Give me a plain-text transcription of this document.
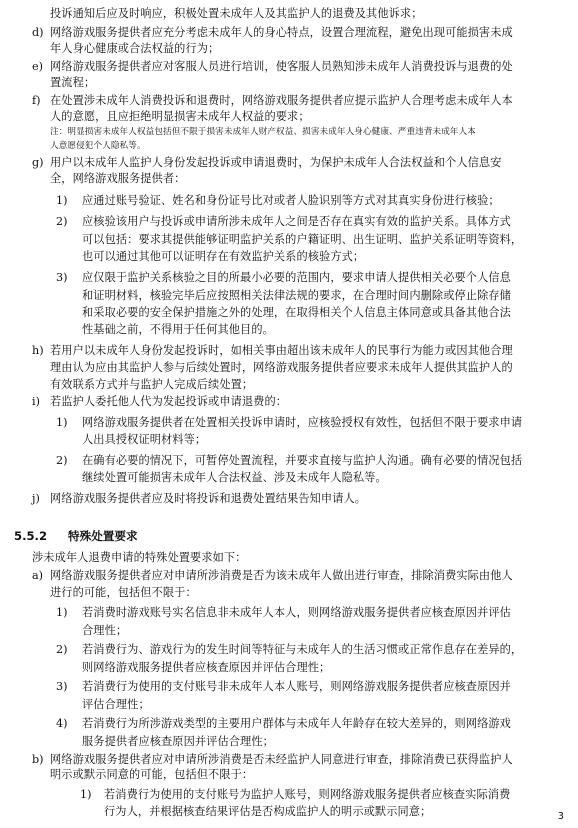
投诉通知后应及时响应，积极处置未成年人及其监护人的退费及其他诉求；
d) 网络游戏服务提供者应充分考虑未成年人的身心特点，设置合理流程，避免出现可能损害未成
年人身心健康或合法权益的行为；
e) 网络游戏服务提供者应对客服人员进行培训，使客服人员熟知涉未成年人消费投诉与退费的处
置流程；
f) 在处置涉未成年人消费投诉和退费时，网络游戏服务提供者应提示监护人合理考虑未成年人本
人的意愿，且应拒绝明显损害未成年人权益的要求；
注：明显损害未成年人权益包括但不限于损害未成年人财产权益、损害未成年人身心健康、严重违背未成年人本
人意愿侵犯个人隐私等。
g) 用户以未成年人监护人身份发起投诉或申请退费时，为保护未成年人合法权益和个人信息安
全，网络游戏服务提供者：
1) 应通过账号验证、姓名和身份证号比对或者人脸识别等方式对其真实身份进行核验；
2) 应核验该用户与投诉或申请所涉未成年人之间是否存在真实有效的监护关系。具体方式
可以包括：要求其提供能够证明监护关系的户籍证明、出生证明、监护关系证明等资料，
也可以通过其他可以证明存在有效监护关系的核验方式；
3) 应仅限于监护关系核验之目的所最小必要的范围内，要求申请人提供相关必要个人信息
和证明材料，核验完毕后应按照相关法律法规的要求，在合理时间内删除或停止除存储
和采取必要的安全保护措施之外的处理，在取得相关个人信息主体同意或具备其他合法
性基础之前，不得用于任何其他目的。
h) 若用户以未成年人身份发起投诉时，如相关事由超出该未成年人的民事行为能力或因其他合理
理由认为应由其监护人参与后续处置时，网络游戏服务提供者应要求未成年人提供其监护人的
有效联系方式并与监护人完成后续处置；
i) 若监护人委托他人代为发起投诉或申请退费的：
1) 网络游戏服务提供者在处置相关投诉申请时，应核验授权有效性，包括但不限于要求申请
人出具授权证明材料等；
2) 在确有必要的情况下，可暂停处置流程，并要求直接与监护人沟通。确有必要的情况包括
继续处置可能损害未成年人合法权益、涉及未成年人隐私等。
j) 网络游戏服务提供者应及时将投诉和退费处置结果告知申请人。
5.5.2 特殊处置要求
涉未成年人退费申请的特殊处置要求如下：
a) 网络游戏服务提供者应对申请所涉消费是否为该未成年人做出进行审查，排除消费实际由他人
进行的可能，包括但不限于：
1) 若消费时游戏账号实名信息非未成年人本人，则网络游戏服务提供者应核查原因并评估
合理性；
2) 若消费行为、游戏行为的发生时间等特征与未成年人的生活习惯或正常作息存在差异的，
则网络游戏服务提供者应核查原因并评估合理性；
3) 若消费行为使用的支付账号非未成年人本人账号，则网络游戏服务提供者应核查原因并
评估合理性；
4) 若消费行为所涉游戏类型的主要用户群体与未成年人年龄存在较大差异的，则网络游戏
服务提供者应核查原因并评估合理性；
b) 网络游戏服务提供者应对申请所涉消费是否未经监护人同意进行审查，排除消费已获得监护人
明示或默示同意的可能，包括但不限于：
1) 若消费行为使用的支付账号为监护人账号，则网络游戏服务提供者应核查实际消费
行为人，并根据核查结果评估是否构成监护人的明示或默示同意；	3
